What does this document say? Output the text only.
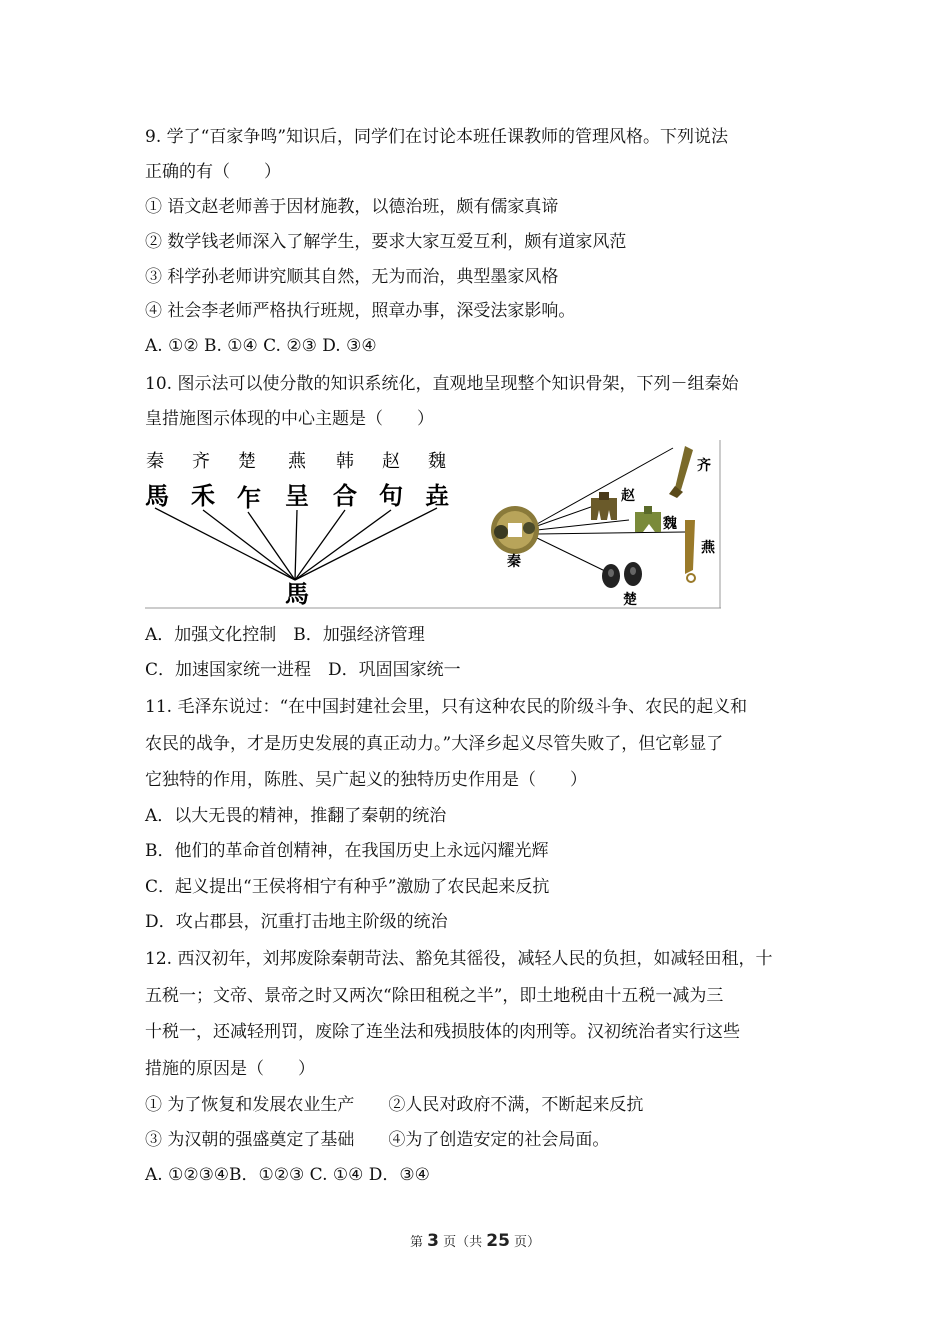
9. 学了“百家争鸣”知识后，同学们在讨论本班任课教师的管理风格。下列说法
正确的有（　　）
① 语文赵老师善于因材施教，以德治班，颇有儒家真谛
② 数学钱老师深入了解学生，要求大家互爱互利，颇有道家风范
③ 科学孙老师讲究顺其自然，无为而治，典型墨家风格
④ 社会李老师严格执行班规，照章办事，深受法家影响。
A. ①② B. ①④ C. ②③ D. ③④
10. 图示法可以使分散的知识系统化，直观地呈现整个知识骨架，下列－组秦始
皇措施图示体现的中心主题是（　　）
A．加强文化控制　B．加强经济管理
C．加速国家统一进程　D．巩固国家统一
11. 毛泽东说过：“在中国封建社会里，只有这种农民的阶级斗争、农民的起义和
农民的战争，才是历史发展的真正动力。”大泽乡起义尽管失败了，但它彰显了
它独特的作用，陈胜、吴广起义的独特历史作用是（　　）
A．以大无畏的精神，推翻了秦朝的统治
B．他们的革命首创精神，在我国历史上永远闪耀光辉
C．起义提出“王侯将相宁有种乎”激励了农民起来反抗
D．攻占郡县，沉重打击地主阶级的统治
12. 西汉初年，刘邦废除秦朝苛法、豁免其徭役，减轻人民的负担，如减轻田租，十
五税一；文帝、景帝之时又两次“除田租税之半”，即土地税由十五税一减为三
十税一，还减轻刑罚，废除了连坐法和残损肢体的肉刑等。汉初统治者实行这些
措施的原因是（　　）
① 为了恢复和发展农业生产　　②人民对政府不满，不断起来反抗
③ 为汉朝的强盛奠定了基础　　④为了创造安定的社会局面。
A. ①②③④B．①②③ C. ①④ D．③④
秦 齐 楚 燕 韩 赵 魏
馬 禾 乍 呈 合 句 垚
馬
齐
赵
魏
燕
楚
秦
第 3 页（共 25 页）
